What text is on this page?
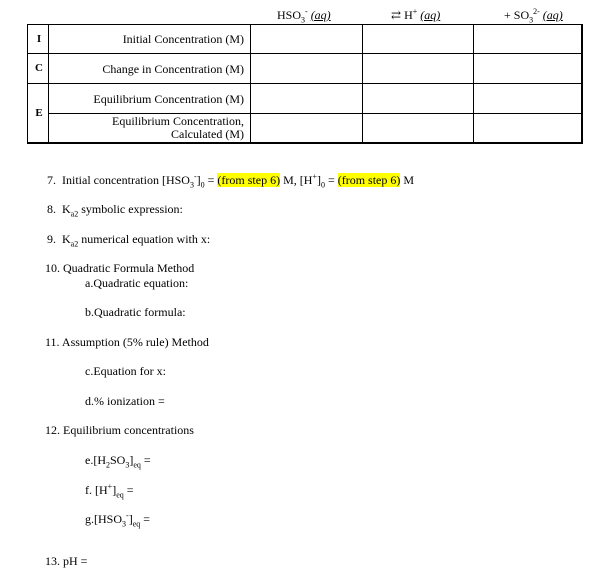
$HSO_3^-$ (aq)	⇄ H+ (aq)	+ $SO_3^{2-}$ (aq)
I
C
E
Initial Concentration (M)
Change in Concentration (M)
Equilibrium Concentration (M)
Equilibrium Concentration,
Calculated (M)
7. Initial concentration $[HSO_3^-]_0$ = (from step 6) M, $[H^+]_0$ = (from step 6) M
8. $K_{a2}$ symbolic expression:
9. $K_{a2}$ numerical equation with x:
10. Quadratic Formula Method
a.Quadratic equation:
b.Quadratic formula:
11. Assumption (5% rule) Method
c.Equation for x:
d.% ionization =
12. Equilibrium concentrations
$e.[H_2SO_3]_{eq}$ =
f. $[H^+]_{eq}$ =
$g.[HSO_3^-]_{eq}$ =
13. pH =
